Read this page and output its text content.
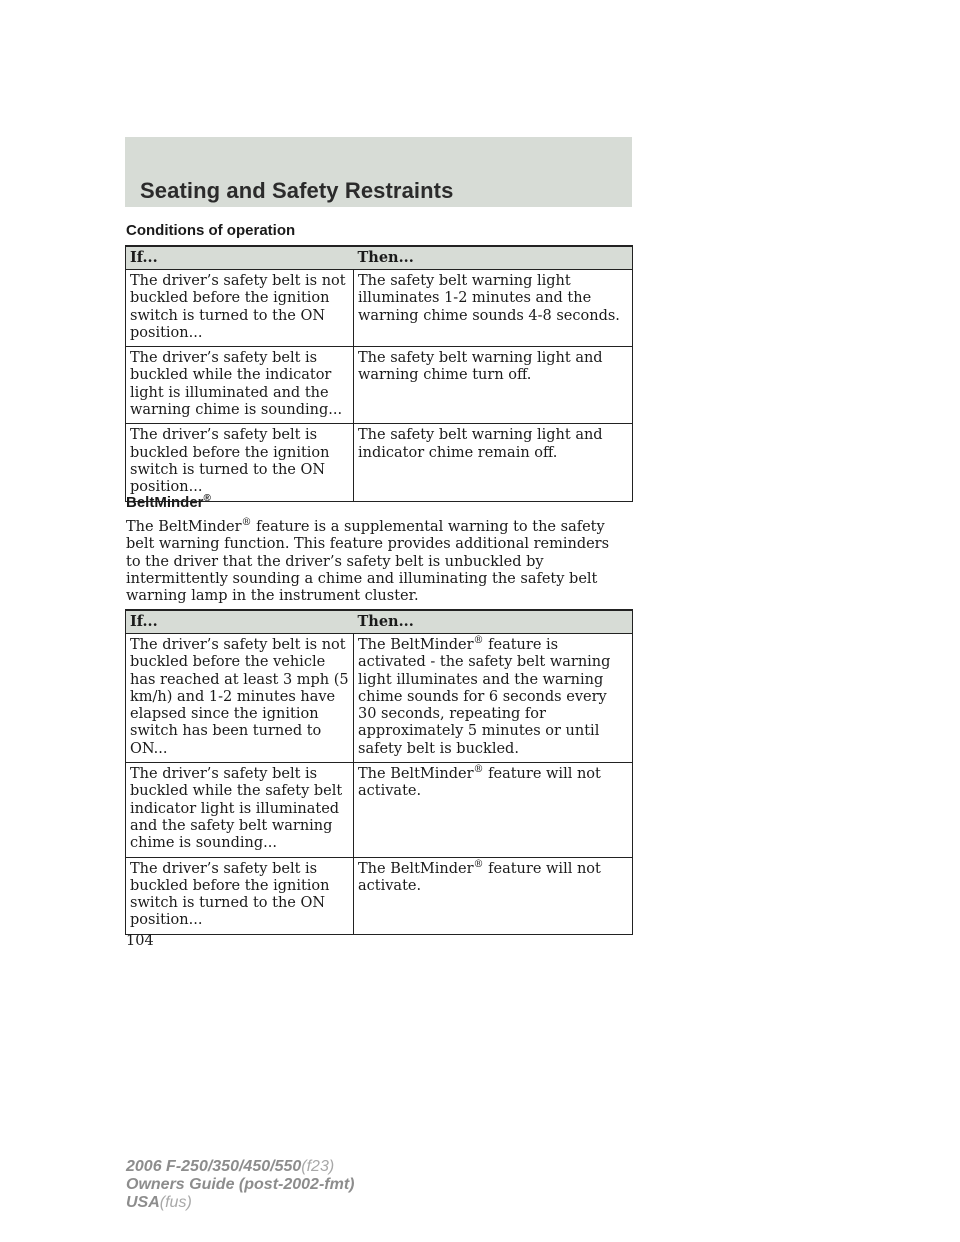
Seating and Safety Restraints
Conditions of operation
If...	Then...
The driver’s safety belt is not buckled before the ignition switch is turned to the ON position...	The safety belt warning light illuminates 1-2 minutes and the warning chime sounds 4-8 seconds.
The driver’s safety belt is buckled while the indicator light is illuminated and the warning chime is sounding...	The safety belt warning light and warning chime turn off.
The driver’s safety belt is buckled before the ignition switch is turned to the ON position...	The safety belt warning light and indicator chime remain off.
BeltMinder®
The BeltMinder® feature is a supplemental warning to the safety belt warning function. This feature provides additional reminders to the driver that the driver’s safety belt is unbuckled by intermittently sounding a chime and illuminating the safety belt warning lamp in the instrument cluster.
If...	Then...
The driver’s safety belt is not buckled before the vehicle has reached at least 3 mph (5 km/h) and 1-2 minutes have elapsed since the ignition switch has been turned to ON...	The BeltMinder® feature is activated - the safety belt warning light illuminates and the warning chime sounds for 6 seconds every 30 seconds, repeating for approximately 5 minutes or until safety belt is buckled.
The driver’s safety belt is buckled while the safety belt indicator light is illuminated and the safety belt warning chime is sounding...	The BeltMinder® feature will not activate.
The driver’s safety belt is buckled before the ignition switch is turned to the ON position...	The BeltMinder® feature will not activate.
104
2006 F-250/350/450/550(f23)
Owners Guide (post-2002-fmt)
USA(fus)
